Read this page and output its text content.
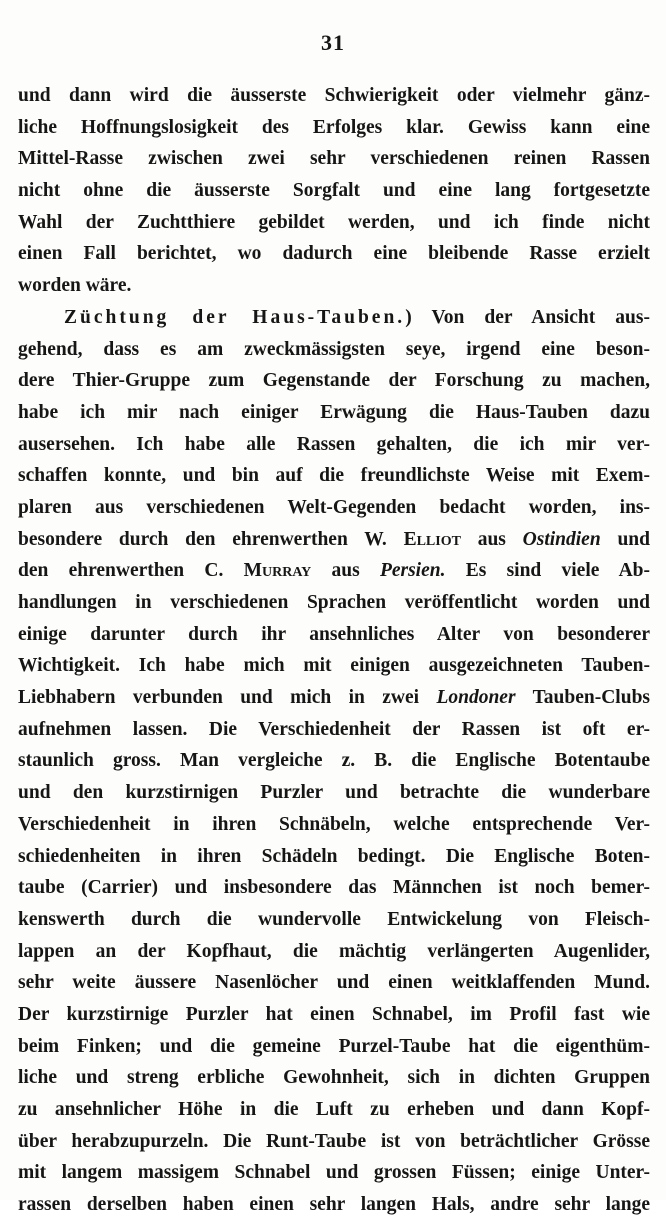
31
und dann wird die äusserste Schwierigkeit oder vielmehr gänz-
liche Hoffnungslosigkeit des Erfolges klar. Gewiss kann eine
Mittel-Rasse zwischen zwei sehr verschiedenen reinen Rassen
nicht ohne die äusserste Sorgfalt und eine lang fortgesetzte
Wahl der Zuchtthiere gebildet werden, und ich finde nicht
einen Fall berichtet, wo dadurch eine bleibende Rasse erzielt
worden wäre.
Züchtung der Haus-Tauben.) Von der Ansicht aus-
gehend, dass es am zweckmässigsten seye, irgend eine beson-
dere Thier-Gruppe zum Gegenstande der Forschung zu machen,
habe ich mir nach einiger Erwägung die Haus-Tauben dazu
ausersehen. Ich habe alle Rassen gehalten, die ich mir ver-
schaffen konnte, und bin auf die freundlichste Weise mit Exem-
plaren aus verschiedenen Welt-Gegenden bedacht worden, ins-
besondere durch den ehrenwerthen W. Elliot aus Ostindien und
den ehrenwerthen C. Murray aus Persien. Es sind viele Ab-
handlungen in verschiedenen Sprachen veröffentlicht worden und
einige darunter durch ihr ansehnliches Alter von besonderer
Wichtigkeit. Ich habe mich mit einigen ausgezeichneten Tauben-
Liebhabern verbunden und mich in zwei Londoner Tauben-Clubs
aufnehmen lassen. Die Verschiedenheit der Rassen ist oft er-
staunlich gross. Man vergleiche z. B. die Englische Botentaube
und den kurzstirnigen Purzler und betrachte die wunderbare
Verschiedenheit in ihren Schnäbeln, welche entsprechende Ver-
schiedenheiten in ihren Schädeln bedingt. Die Englische Boten-
taube (Carrier) und insbesondere das Männchen ist noch bemer-
kenswerth durch die wundervolle Entwickelung von Fleisch-
lappen an der Kopfhaut, die mächtig verlängerten Augenlider,
sehr weite äussere Nasenlöcher und einen weitklaffenden Mund.
Der kurzstirnige Purzler hat einen Schnabel, im Profil fast wie
beim Finken; und die gemeine Purzel-Taube hat die eigenthüm-
liche und streng erbliche Gewohnheit, sich in dichten Gruppen
zu ansehnlicher Höhe in die Luft zu erheben und dann Kopf-
über herabzupurzeln. Die Runt-Taube ist von beträchtlicher Grösse
mit langem massigem Schnabel und grossen Füssen; einige Unter-
rassen derselben haben einen sehr langen Hals, andre sehr lange
